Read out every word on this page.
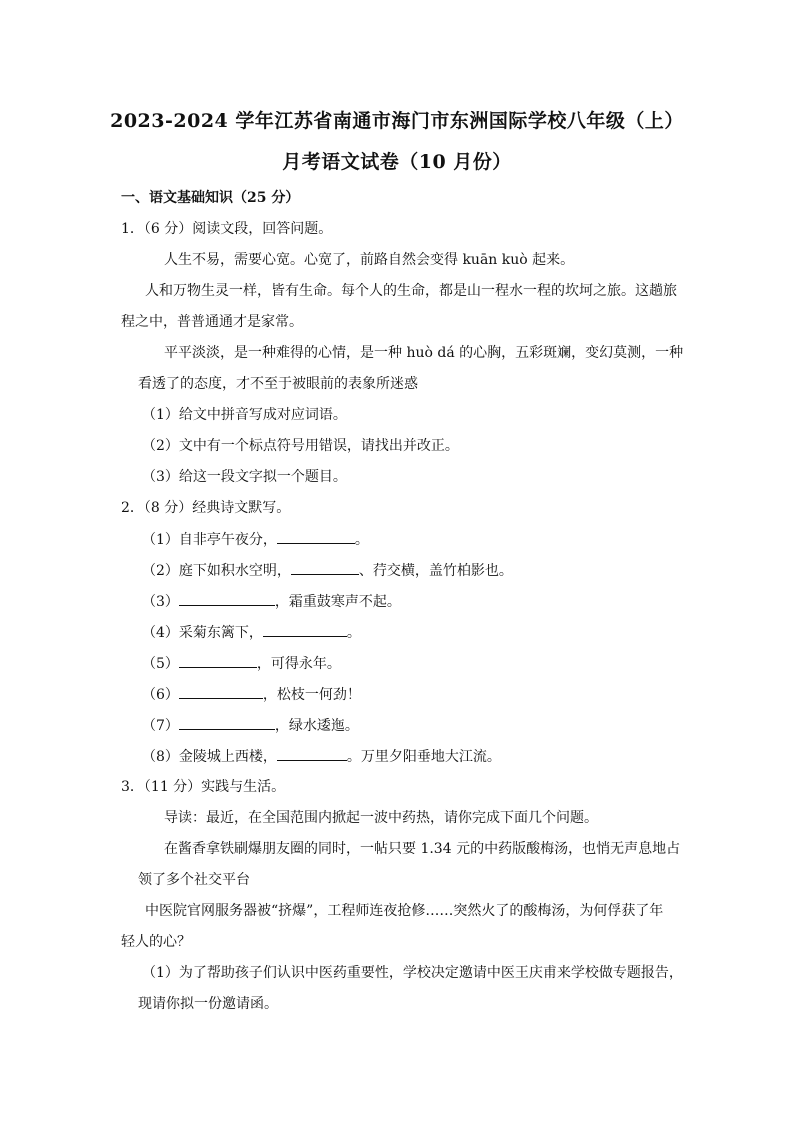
2023-2024 学年江苏省南通市海门市东洲国际学校八年级（上）
月考语文试卷（10 月份）
一、语文基础知识（25 分）
1．（6 分）阅读文段，回答问题。
人生不易，需要心宽。心宽了，前路自然会变得 kuān kuò 起来。
人和万物生灵一样，皆有生命。每个人的生命，都是山一程水一程的坎坷之旅。这趟旅
程之中，普普通通才是家常。
平平淡淡，是一种难得的心情，是一种 huò dá 的心胸，五彩斑斓，变幻莫测，一种
看透了的态度，才不至于被眼前的表象所迷惑
（1）给文中拼音写成对应词语。
（2）文中有一个标点符号用错误，请找出并改正。
（3）给这一段文字拟一个题目。
2．（8 分）经典诗文默写。
（1）自非亭午夜分，	。
（2）庭下如积水空明，	、荇交横，盖竹柏影也。
（3）	，霜重鼓寒声不起。
（4）采菊东篱下，	。
（5）	，可得永年。
（6）	，松枝一何劲！
（7）	，绿水逶迤。
（8）金陵城上西楼，	。万里夕阳垂地大江流。
3．（11 分）实践与生活。
导读：最近，在全国范围内掀起一波中药热，请你完成下面几个问题。
在酱香拿铁刷爆朋友圈的同时，一帖只要 1.34 元的中药版酸梅汤，也悄无声息地占
领了多个社交平台
中医院官网服务器被“挤爆”，工程师连夜抢修……突然火了的酸梅汤，为何俘获了年
轻人的心？
（1）为了帮助孩子们认识中医药重要性，学校决定邀请中医王庆甫来学校做专题报告，
现请你拟一份邀请函。
